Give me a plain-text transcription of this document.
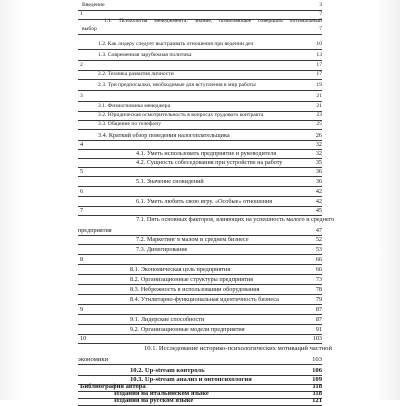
Введение	3
1	7
1.1. Психология менеджмента: знание, позволяющее совершать оптимальный
выбор	7
1.2. Как лидеру следует выстраивать отношения при ведении дел	10
1.3. Современная зарубежная политика	13
2	17
2.2. Техника развития личности	17
2.3. Три предпосылки, необходимые для вступления в мир работы	19
3	21
3.1. Физиогномика менеджера	21
3.2. Юридическая осмотрительность в вопросах трудового контракта	23
3.3. Общение по телефону	25
3.4. Краткий обзор поведения налогоплательщика	26
4	32
4.1. Уметь использовать предприятие и руководителя	32
4.2. Сущность собеседования при устройстве на работу	35
5	36
5.1. Значение сновидений	36
6	42
6.1. Уметь любить свою игру. «Особые» отношения	42
7	45
7.1. Пять основных факторов, влияющих на успешность малого и среднего
предприятия	47
7.2. Маркетинг в малом и среднем бизнесе	52
7.3. Дипегирование	53
8	66
8.1. Экономическая цель предприятия	66
8.2. Организационные структуры предприятия	73
8.3. Небрежность в использовании оборудования	78
8.4. Утилитарно-функциональная идентичность бизнеса	79
9	87
9.1. Лидерские способности	87
9.2. Организационные модели предприятия	91
10	103
10.1. Исследование историко-психологических мотиваций частной
экономики	103
10.2. Up-stream контроль	106
10.3. Up-stream анализ и онтопсихология	109
Библиография автора	118
Издания на итальянском языке	118
Издания на русском языке	121
